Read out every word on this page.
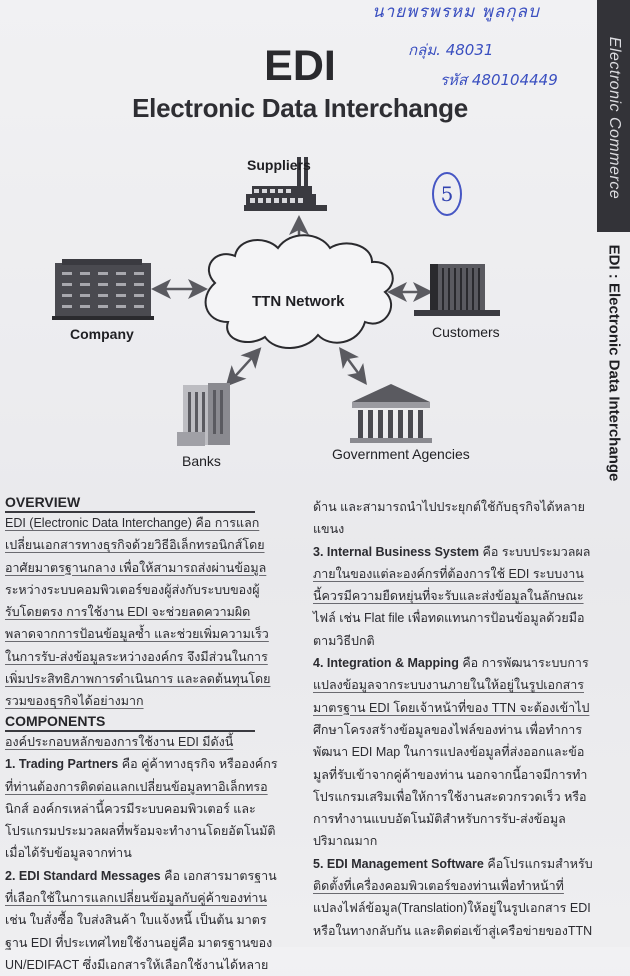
นายพรพรหม พูลกุลบ
กลุ่ม. 48031
รหัส 480104449
5	Electronic Commerce
EDI : Electronic Data Interchange
EDI
Electronic Data Interchange
Suppliers
Company	Customers
Banks	Government Agencies
TTN Network
OVERVIEW

EDI (Electronic Data Interchange) คือ การแลก

เปลี่ยนเอกสารทางธุรกิจด้วยวิธีอิเล็กทรอนิกส์โดย

อาศัยมาตรฐานกลาง เพื่อให้สามารถส่งผ่านข้อมูล

ระหว่างระบบคอมพิวเตอร์ของผู้ส่งกับระบบของผู้

รับโดยตรง การใช้งาน EDI จะช่วยลดความผิด

พลาดจากการป้อนข้อมูลซ้ำ และช่วยเพิ่มความเร็ว

ในการรับ-ส่งข้อมูลระหว่างองค์กร จึงมีส่วนในการ

เพิ่มประสิทธิภาพการดำเนินการ และลดต้นทุนโดย

รวมของธุรกิจได้อย่างมาก

COMPONENTS

องค์ประกอบหลักของการใช้งาน EDI มีดังนี้

1. Trading Partners คือ คู่ค้าทางธุรกิจ หรือองค์กร

ที่ท่านต้องการติดต่อแลกเปลี่ยนข้อมูลทาอิเล็กทรอ

นิกส์ องค์กรเหล่านี้ควรมีระบบคอมพิวเตอร์ และ

โปรแกรมประมวลผลที่พร้อมจะทำงานโดยอัตโนมัติ

เมื่อได้รับข้อมูลจากท่าน

2. EDI Standard Messages คือ เอกสารมาตรฐาน

ที่เลือกใช้ในการแลกเปลี่ยนข้อมูลกับคู่ค้าของท่าน

เช่น ใบสั่งซื้อ ใบส่งสินค้า ใบแจ้งหนี้ เป็นต้น มาตร

ฐาน EDI ที่ประเทศไทยใช้งานอยู่คือ มาตรฐานของ

UN/EDIFACT ซึ่งมีเอกสารให้เลือกใช้งานได้หลาย

ด้าน และสามารถนำไปประยุกต์ใช้กับธุรกิจได้หลาย

แขนง

3. Internal Business System คือ ระบบประมวลผล

ภายในของแต่ละองค์กรที่ต้องการใช้ EDI ระบบงาน

นี้ควรมีความยืดหยุ่นที่จะรับและส่งข้อมูลในลักษณะ

ไฟล์ เช่น Flat file เพื่อทดแทนการป้อนข้อมูลด้วยมือ

ตามวิธีปกติ

4. Integration & Mapping คือ การพัฒนาระบบการ

แปลงข้อมูลจากระบบงานภายในให้อยู่ในรูปเอกสาร

มาตรฐาน EDI โดยเจ้าหน้าที่ของ TTN จะต้องเข้าไป

ศึกษาโครงสร้างข้อมูลของไฟล์ของท่าน เพื่อทำการ

พัฒนา EDI Map ในการแปลงข้อมูลที่ส่งออกและข้อ

มูลที่รับเข้าจากคู่ค้าของท่าน นอกจากนี้อาจมีการทำ

โปรแกรมเสริมเพื่อให้การใช้งานสะดวกรวดเร็ว หรือ

การทำงานแบบอัตโนมัติสำหรับการรับ-ส่งข้อมูล

ปริมาณมาก

5. EDI Management Software คือโปรแกรมสำหรับ

ติดตั้งที่เครื่องคอมพิวเตอร์ของท่านเพื่อทำหน้าที่

แปลงไฟล์ข้อมูล(Translation)ให้อยู่ในรูปเอกสาร EDI

หรือในทางกลับกัน และติดต่อเข้าสู่เครือข่ายของTTN
